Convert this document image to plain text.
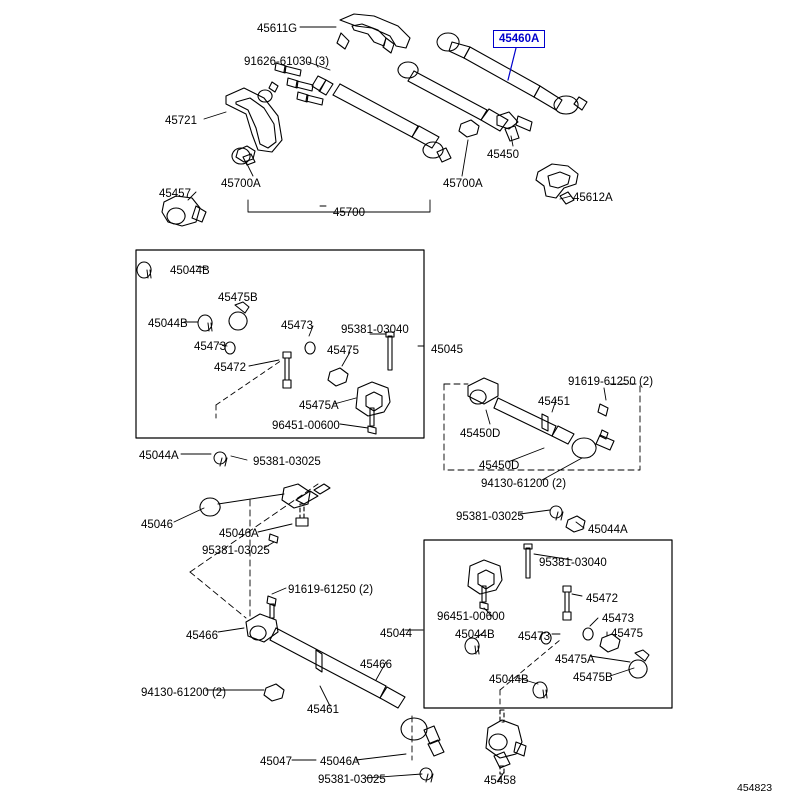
45611G
91626-61030 (3)
45721
45700A
45700
45700A
45450
45612A
45457
45044B
45475B
45044B	45473 95381-03040
45473	45475	45045
45472
45475A
96451-00600
45044A	95381-03025
45450D
45451
91619-61250 (2)
45450D
94130-61200 (2)
95381-03025
45044A
45046
45046A
95381-03025
95381-03040
91619-61250 (2)
45472
96451-00600	45473
45466	45044	45044B 45473	45475
45466	45475A
45475B
94130-61200 (2)
45044B
45461
45047 45046A
95381-03025	45458
45460A
454823
